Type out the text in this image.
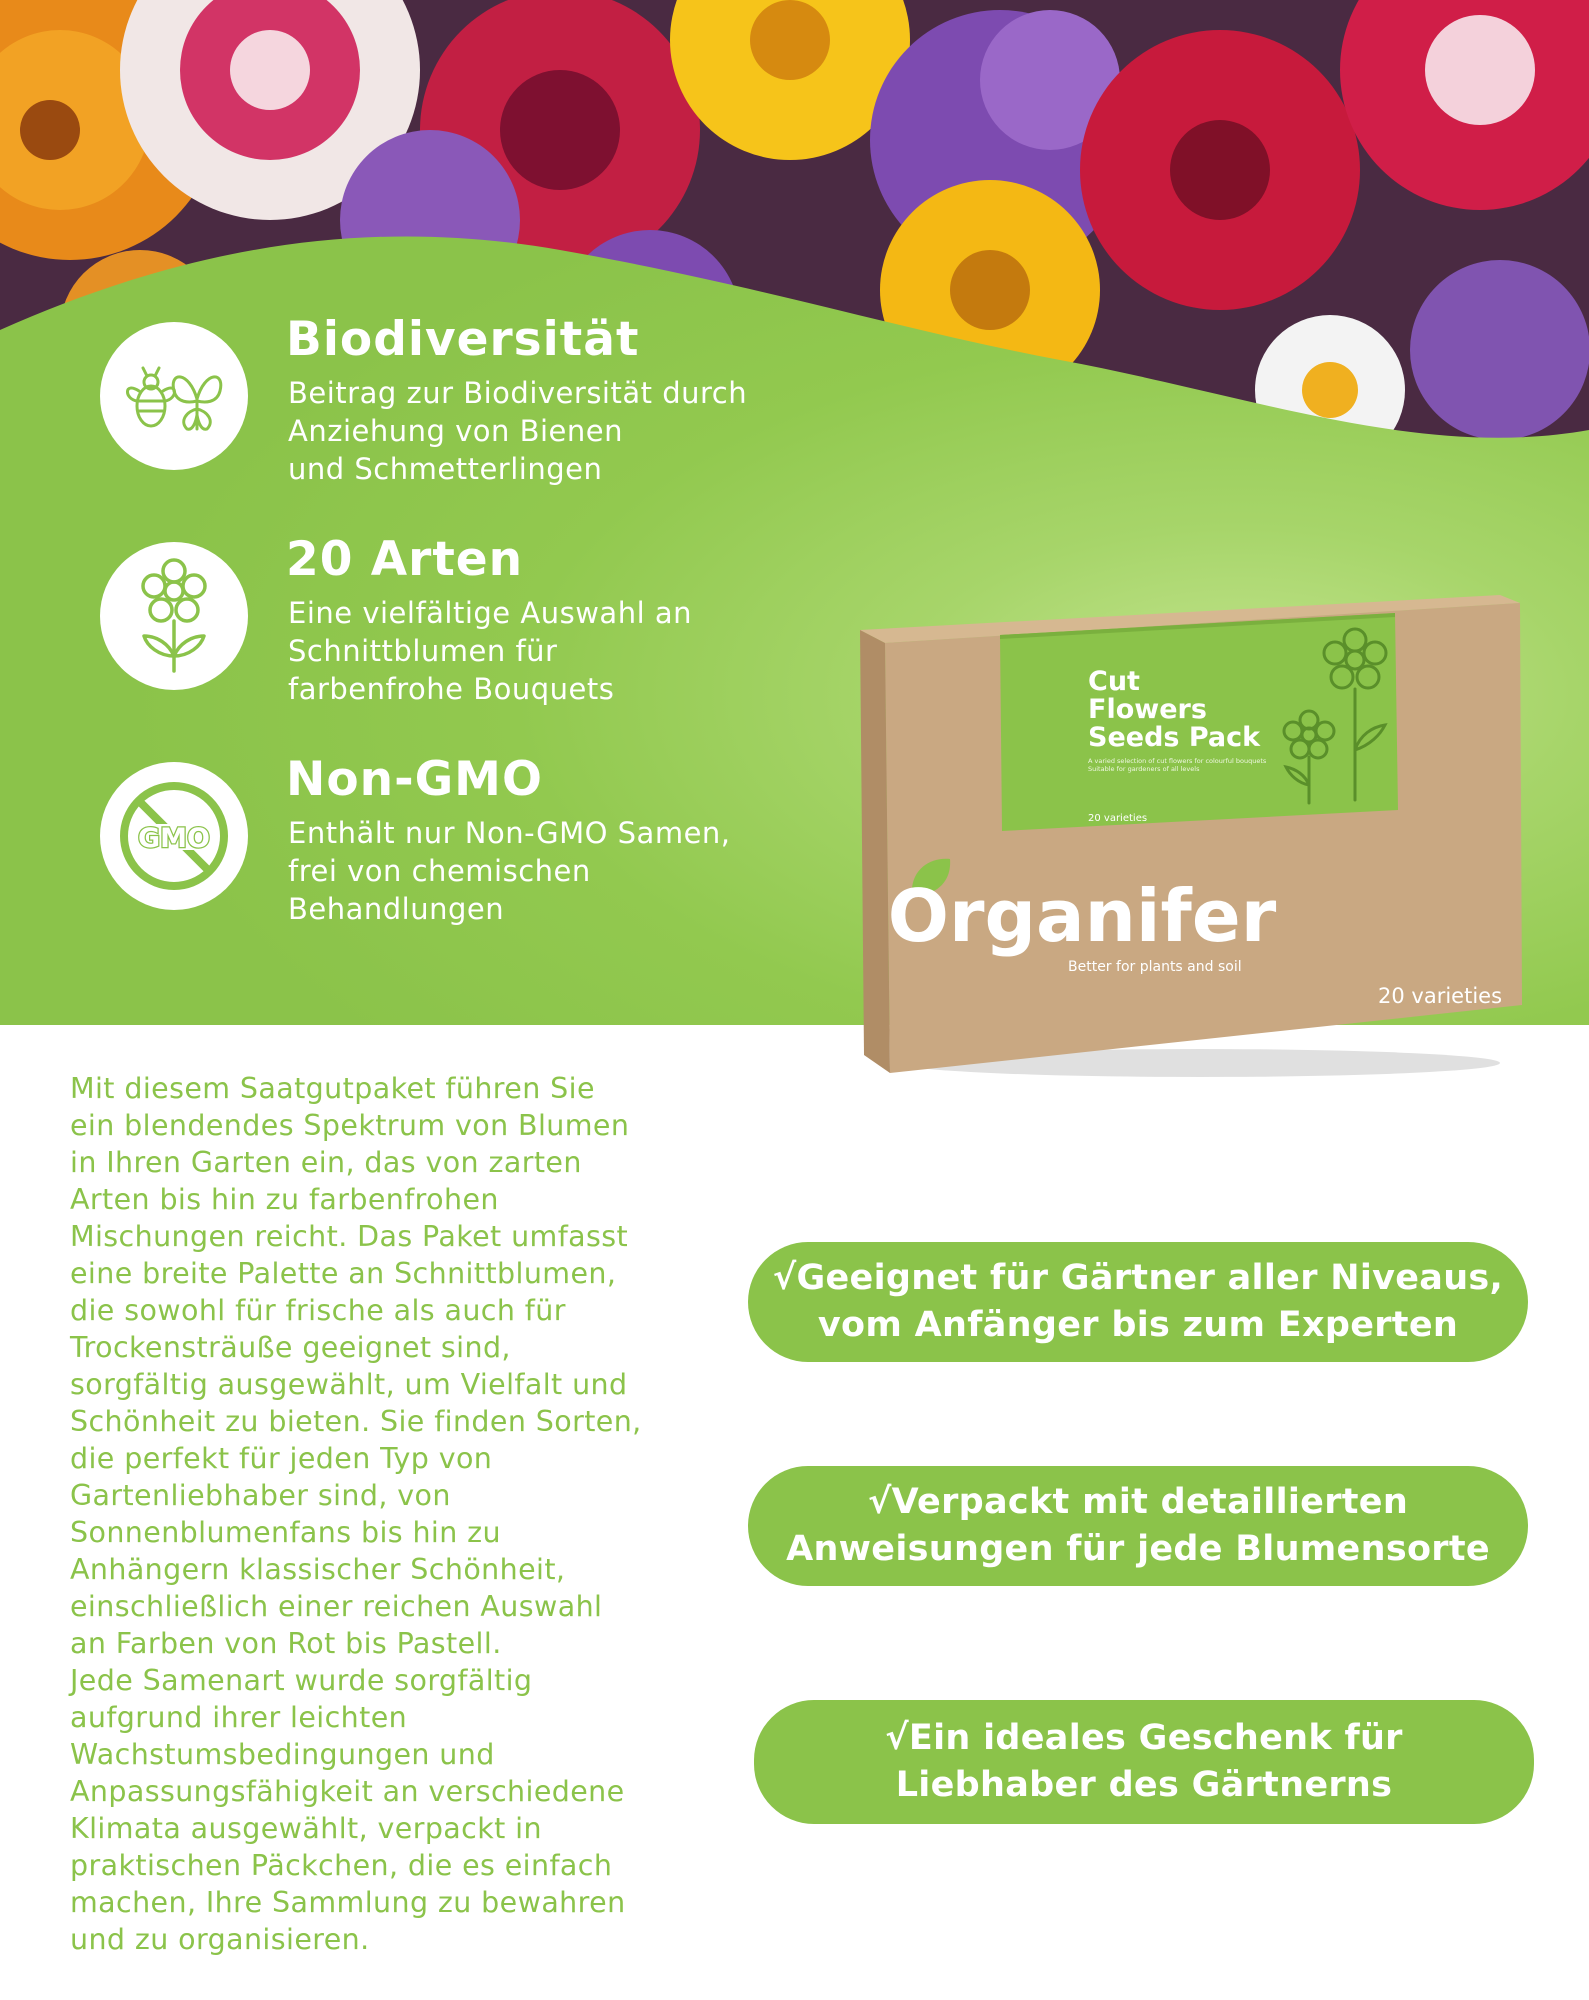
Biodiversität
Beitrag zur Biodiversität durch
Anziehung von Bienen
und Schmetterlingen
20 Arten
Eine vielfältige Auswahl an
Schnittblumen für
farbenfrohe Bouquets
GMO
Non-GMO
Enthält nur Non-GMO Samen,
frei von chemischen
Behandlungen
Cut
Flowers
Seeds Pack
A varied selection of cut flowers for colourful bouquets
Suitable for gardeners of all levels
20 varieties
Organifer
Better for plants and soil
20 varieties
Mit diesem Saatgutpaket führen Sie
ein blendendes Spektrum von Blumen
in Ihren Garten ein, das von zarten
Arten bis hin zu farbenfrohen
Mischungen reicht. Das Paket umfasst
eine breite Palette an Schnittblumen,
die sowohl für frische als auch für
Trockensträuße geeignet sind,
sorgfältig ausgewählt, um Vielfalt und
Schönheit zu bieten. Sie finden Sorten,
die perfekt für jeden Typ von
Gartenliebhaber sind, von
Sonnenblumenfans bis hin zu
Anhängern klassischer Schönheit,
einschließlich einer reichen Auswahl
an Farben von Rot bis Pastell.
Jede Samenart wurde sorgfältig
aufgrund ihrer leichten
Wachstumsbedingungen und
Anpassungsfähigkeit an verschiedene
Klimata ausgewählt, verpackt in
praktischen Päckchen, die es einfach
machen, Ihre Sammlung zu bewahren
und zu organisieren.
√Geeignet für Gärtner aller Niveaus,
vom Anfänger bis zum Experten
√Verpackt mit detaillierten
Anweisungen für jede Blumensorte
√Ein ideales Geschenk für
Liebhaber des Gärtnerns
